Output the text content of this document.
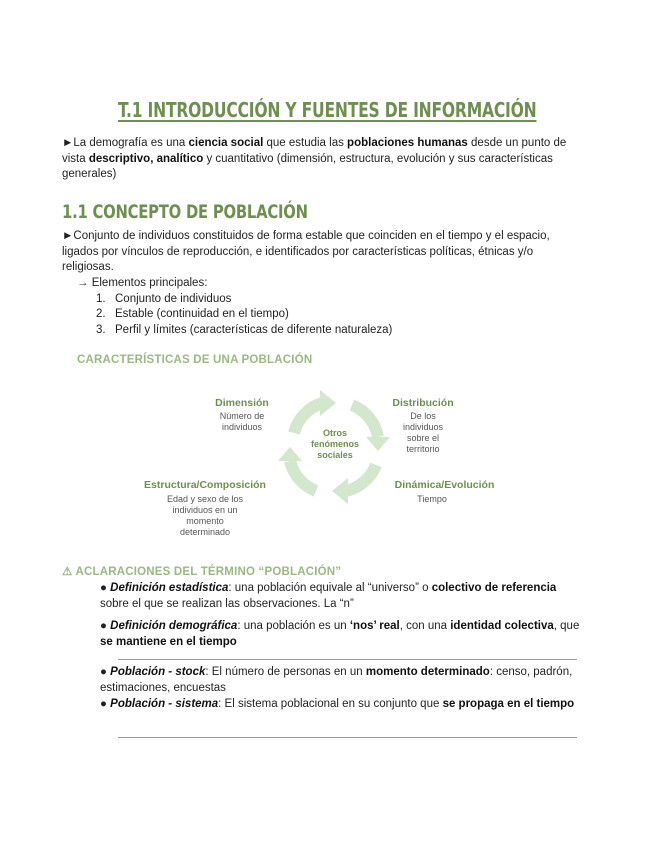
T.1 INTRODUCCIÓN Y FUENTES DE INFORMACIÓN
►La demografía es una ciencia social que estudia las poblaciones humanas desde un punto de vista descriptivo, analítico y cuantitativo (dimensión, estructura, evolución y sus características generales)
1.1 CONCEPTO DE POBLACIÓN
►Conjunto de individuos constituidos de forma estable que coinciden en el tiempo y el espacio, ligados por vínculos de reproducción, e identificados por características políticas, étnicas y/o religiosas.
→ Elementos principales:
1. Conjunto de individuos
2. Estable (continuidad en el tiempo)
3. Perfil y límites (características de diferente naturaleza)
CARACTERÍSTICAS DE UNA POBLACIÓN
Otros
fenómenos
sociales
Dimensión
Número de
individuos
Distribución
De los
individuos
sobre el
territorio
Estructura/Composición
Edad y sexo de los
individuos en un
momento
determinado
Dinámica/Evolución
Tiempo
⚠ ACLARACIONES DEL TÉRMINO “POBLACIÓN”
● Definición estadística: una población equivale al “universo” o colectivo de referencia sobre el que se realizan las observaciones. La “n”
● Definición demográfica: una población es un ‘nos’ real, con una identidad colectiva, que se mantiene en el tiempo
● Población - stock: El número de personas en un momento determinado: censo, padrón, estimaciones, encuestas
● Población - sistema: El sistema poblacional en su conjunto que se propaga en el tiempo
